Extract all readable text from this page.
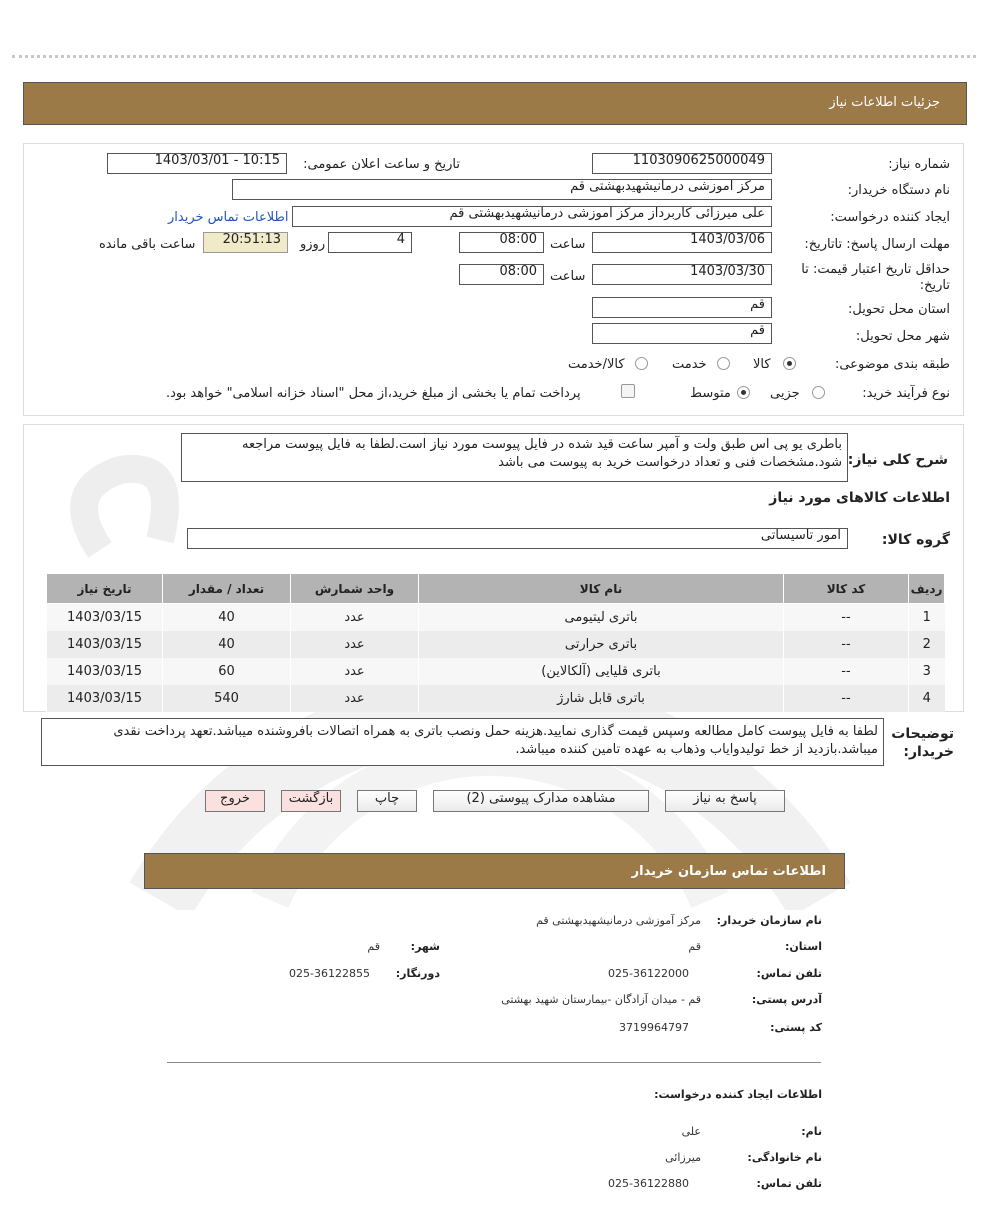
جزئیات اطلاعات نیاز
شماره نیاز:
1103090625000049
تاریخ و ساعت اعلان عمومی:
1403/03/01 - 10:15
نام دستگاه خریدار:
مرکز آموزشی درمانیشهیدبهشتی قم
ایجاد کننده درخواست:
علی میرزائی کاربرداز مرکز آموزشی درمانیشهیدبهشتی قم
اطلاعات تماس خریدار
مهلت ارسال پاسخ: تاتاریخ:
1403/03/06
ساعت
08:00
4
روزو
20:51:13
ساعت باقی مانده
حداقل تاریخ اعتبار قیمت: تا تاریخ:
1403/03/30
ساعت
08:00
استان محل تحویل:
قم
شهر محل تحویل:
قم
طبقه بندی موضوعی:
کالا
خدمت
کالا/خدمت
نوع فرآیند خرید:
جزیی
متوسط
پرداخت تمام یا بخشی از مبلغ خرید،از محل "اسناد خزانه اسلامی" خواهد بود.
شرح کلی نیاز:
باطری یو پی اس طبق ولت و آمپر ساعت قید شده در فایل پیوست مورد نیاز است.لطفا به فایل پیوست مراجعه شود.مشخصات فنی و تعداد درخواست خرید به پیوست می باشد
اطلاعات کالاهای مورد نیاز
گروه کالا:
امور تاسیساتی
ردیف	کد کالا	نام کالا	واحد شمارش	تعداد / مقدار	تاریخ نیاز
1	--	باتری لیتیومی	عدد	40	1403/03/15
2	--	باتری حرارتی	عدد	40	1403/03/15
3	--	باتری قلیایی (آلکالاین)	عدد	60	1403/03/15
4	--	باتری قابل شارژ	عدد	540	1403/03/15
توضیحات خریدار:
لطفا به فایل پیوست کامل مطالعه وسپس قیمت گذاری نمایید.هزینه حمل ونصب باتری به همراه اتصالات بافروشنده میباشد.تعهد پرداخت نقدی میباشد.بازدید از خط تولیدوایاب وذهاب به عهده تامین کننده میباشد.
پاسخ به نیاز
مشاهده مدارک پیوستی (2)
چاپ
بازگشت
خروج
اطلاعات تماس سازمان خریدار
نام سازمان خریدار:
مرکز آموزشی درمانیشهیدبهشتی قم
استان:
قم
شهر:
قم
تلفن تماس:
025-36122000
دورنگار:
025-36122855
آدرس پستی:
قم - میدان آزادگان -بیمارستان شهید بهشتی
کد پستی:
3719964797
اطلاعات ایجاد کننده درخواست:
نام:
علی
نام خانوادگی:
میرزائی
تلفن تماس:
025-36122880
